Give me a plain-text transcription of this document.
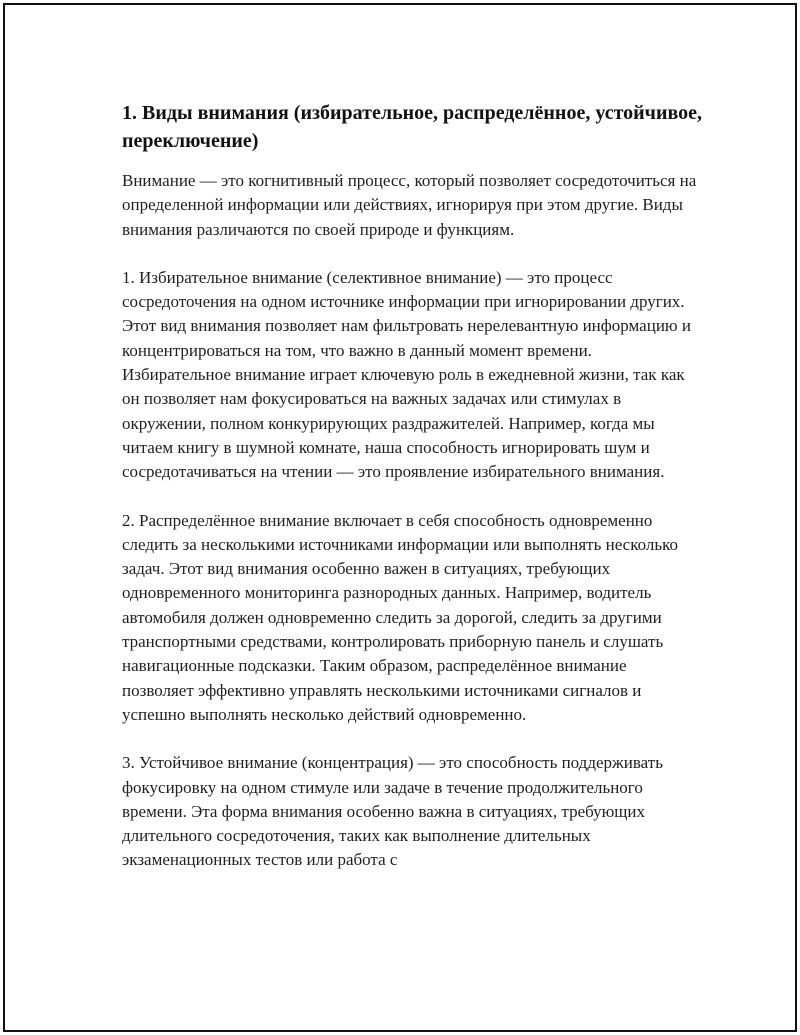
1. Виды внимания (избирательное, распределённое, устойчивое, переключение)

Внимание — это когнитивный процесс, который позволяет сосредоточиться на определенной информации или действиях, игнорируя при этом другие. Виды внимания различаются по своей природе и функциям.

1. Избирательное внимание (селективное внимание) — это процесс сосредоточения на одном источнике информации при игнорировании других. Этот вид внимания позволяет нам фильтровать нерелевантную информацию и концентрироваться на том, что важно в данный момент времени. Избирательное внимание играет ключевую роль в ежедневной жизни, так как он позволяет нам фокусироваться на важных задачах или стимулах в окружении, полном конкурирующих раздражителей. Например, когда мы читаем книгу в шумной комнате, наша способность игнорировать шум и сосредотачиваться на чтении — это проявление избирательного внимания.

2. Распределённое внимание включает в себя способность одновременно следить за несколькими источниками информации или выполнять несколько задач. Этот вид внимания особенно важен в ситуациях, требующих одновременного мониторинга разнородных данных. Например, водитель автомобиля должен одновременно следить за дорогой, следить за другими транспортными средствами, контролировать приборную панель и слушать навигационные подсказки. Таким образом, распределённое внимание позволяет эффективно управлять несколькими источниками сигналов и успешно выполнять несколько действий одновременно.

3. Устойчивое внимание (концентрация) — это способность поддерживать фокусировку на одном стимуле или задаче в течение продолжительного времени. Эта форма внимания особенно важна в ситуациях, требующих длительного сосредоточения, таких как выполнение длительных экзаменационных тестов или работа с
